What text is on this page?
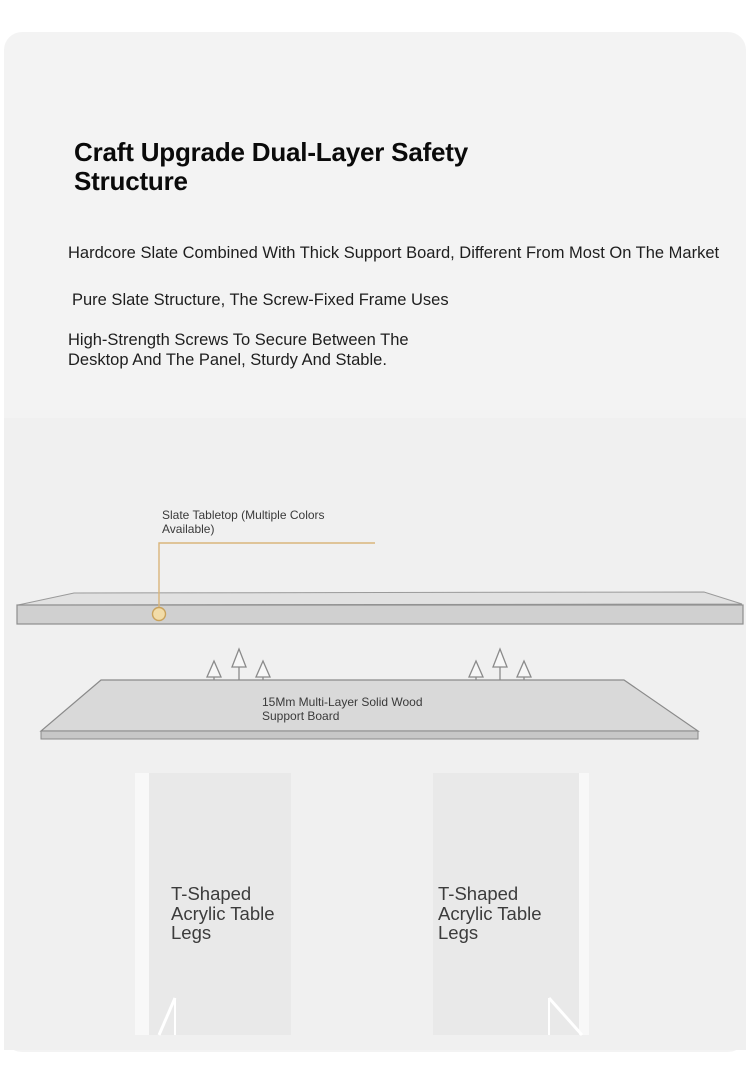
Craft Upgrade Dual-Layer Safety Structure

Hardcore Slate Combined With Thick Support Board, Different From Most On The Market

Pure Slate Structure, The Screw-Fixed Frame Uses

High-Strength Screws To Secure Between The Desktop And The Panel, Sturdy And Stable.

Slate Tabletop (Multiple Colors Available)

15Mm Multi-Layer Solid Wood Support Board

T-Shaped Acrylic Table Legs

T-Shaped Acrylic Table Legs
